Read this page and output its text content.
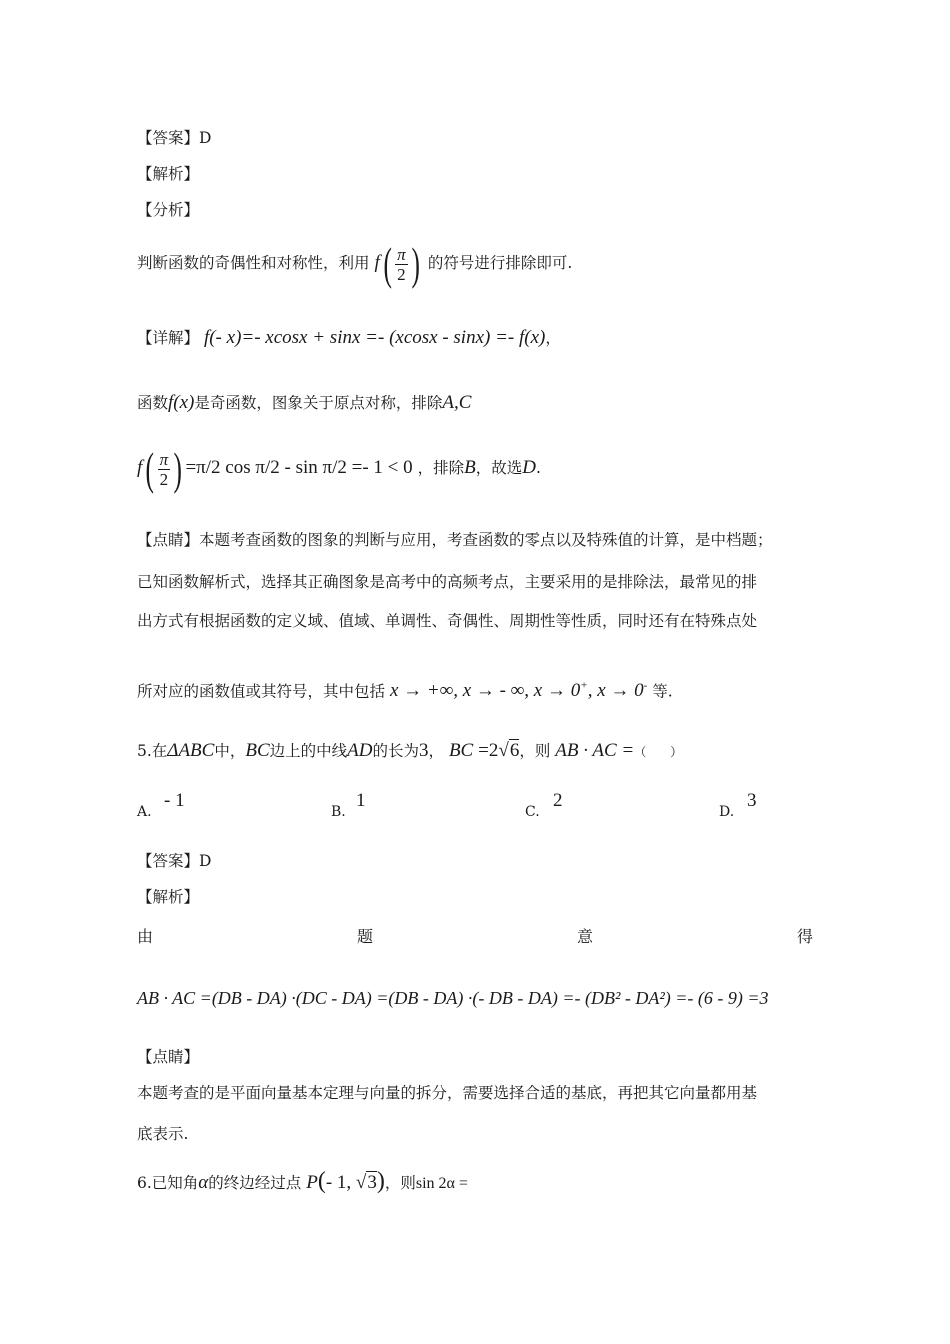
【答案】D
【解析】
【分析】
判断函数的奇偶性和对称性，利用 $f( \frac{\pi}{2}$ ) 的符号进行排除即可.
【详解】 f(- x)=- xcosx + sinx =- (xcosx - sinx) =- f(x)，
函数f(x)是奇函数，图象关于原点对称，排除A,C
$f( \frac{\pi}{2}$ ) =π/2 cos π/2 - sin π/2 =- 1 < 0 ，排除B，故选D.
【点睛】本题考查函数的图象的判断与应用，考查函数的零点以及特殊值的计算，是中档题；
已知函数解析式，选择其正确图象是高考中的高频考点，主要采用的是排除法，最常见的排
出方式有根据函数的定义域、值域、单调性、奇偶性、周期性等性质，同时还有在特殊点处
所对应的函数值或其符号，其中包括 x → +∞, x → - ∞, x → 0+, x → 0- 等.
5.在ΔABC中，BC边上的中线AD的长为3， BC =2√6，则 AB · AC =（　　）
A.
- 1
B.
1
C.
2
D.
3
【答案】D
【解析】
由	题	意	得
AB · AC =(DB - DA) ·(DC - DA) =(DB - DA) ·(- DB - DA) =- (DB² - DA²) =- (6 - 9) =3
【点睛】
本题考查的是平面向量基本定理与向量的拆分，需要选择合适的基底，再把其它向量都用基
底表示.
6.已知角α的终边经过点 P(- 1, √3)，则sin 2α =
